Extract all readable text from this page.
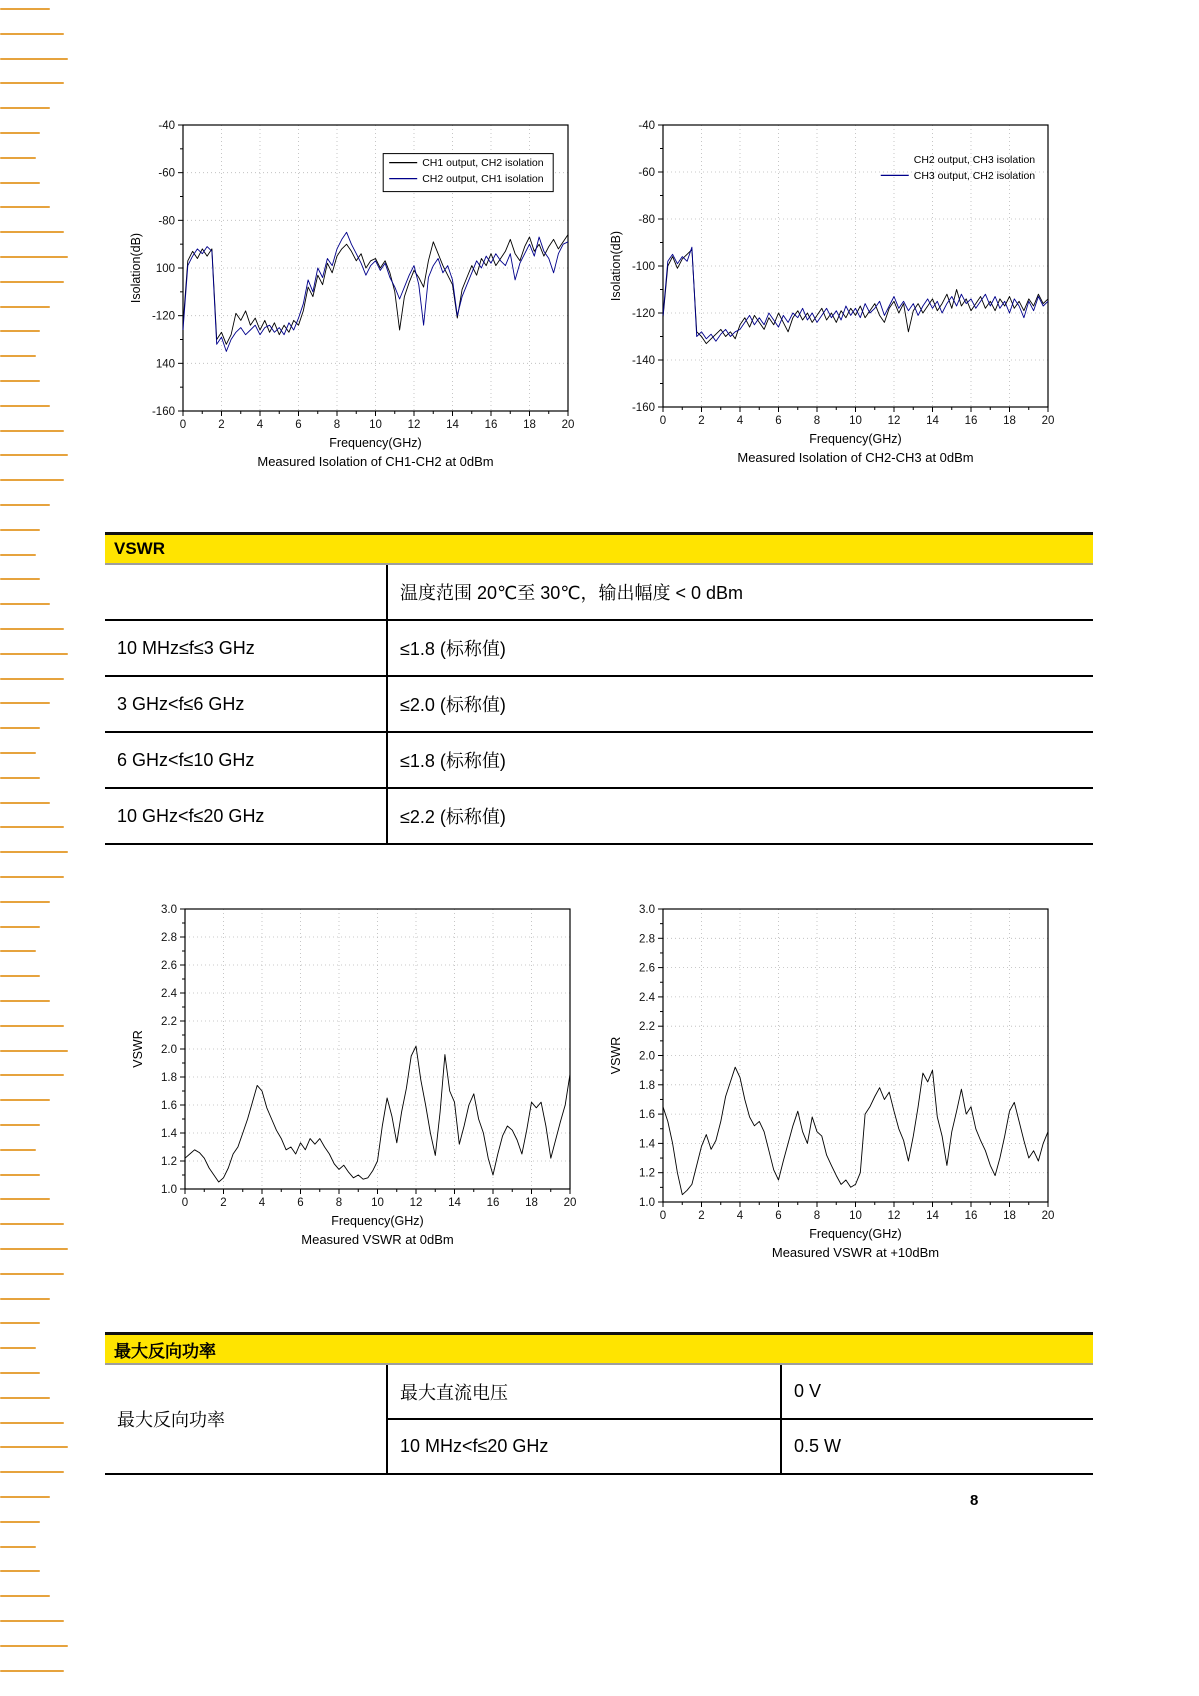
0	2	4	6	8	10 12 14 16 18 20
-160
140
-120
100
-80
-60
-40
Frequency(GHz)
Isolation(dB)
Measured Isolation of CH1-CH2 at 0dBm
CH1 output, CH2 isolation
CH2 output, CH1 isolation
0	2	4	6	8	10 12 14 16 18 20
-160
-140
-120
-100
-80
-60
-40
Frequency(GHz)
Isolation(dB)
Measured Isolation of CH2-CH3 at 0dBm
CH2 output, CH3 isolation
CH3 output, CH2 isolation
VSWR
	温度范围 20℃至 30℃，输出幅度 < 0 dBm
10 MHz≤f≤3 GHz	≤1.8 (标称值)
3 GHz<f≤6 GHz	≤2.0 (标称值)
6 GHz<f≤10 GHz	≤1.8 (标称值)
10 GHz<f≤20 GHz	≤2.2 (标称值)
0	2	4	6	8	10 12 14 16 18 20
1.0
1.2
1.4
1.6
1.8
2.0
2.2
2.4
2.6
2.8
3.0
Frequency(GHz)
VSWR
Measured VSWR at 0dBm
0	2	4	6	8	10 12 14 16 18 20
1.0
1.2
1.4
1.6
1.8
2.0
2.2
2.4
2.6
2.8
3.0
Frequency(GHz)
VSWR
Measured VSWR at +10dBm
最大反向功率
最大反向功率	最大直流电压	0 V
	10 MHz<f≤20 GHz	0.5 W
8
